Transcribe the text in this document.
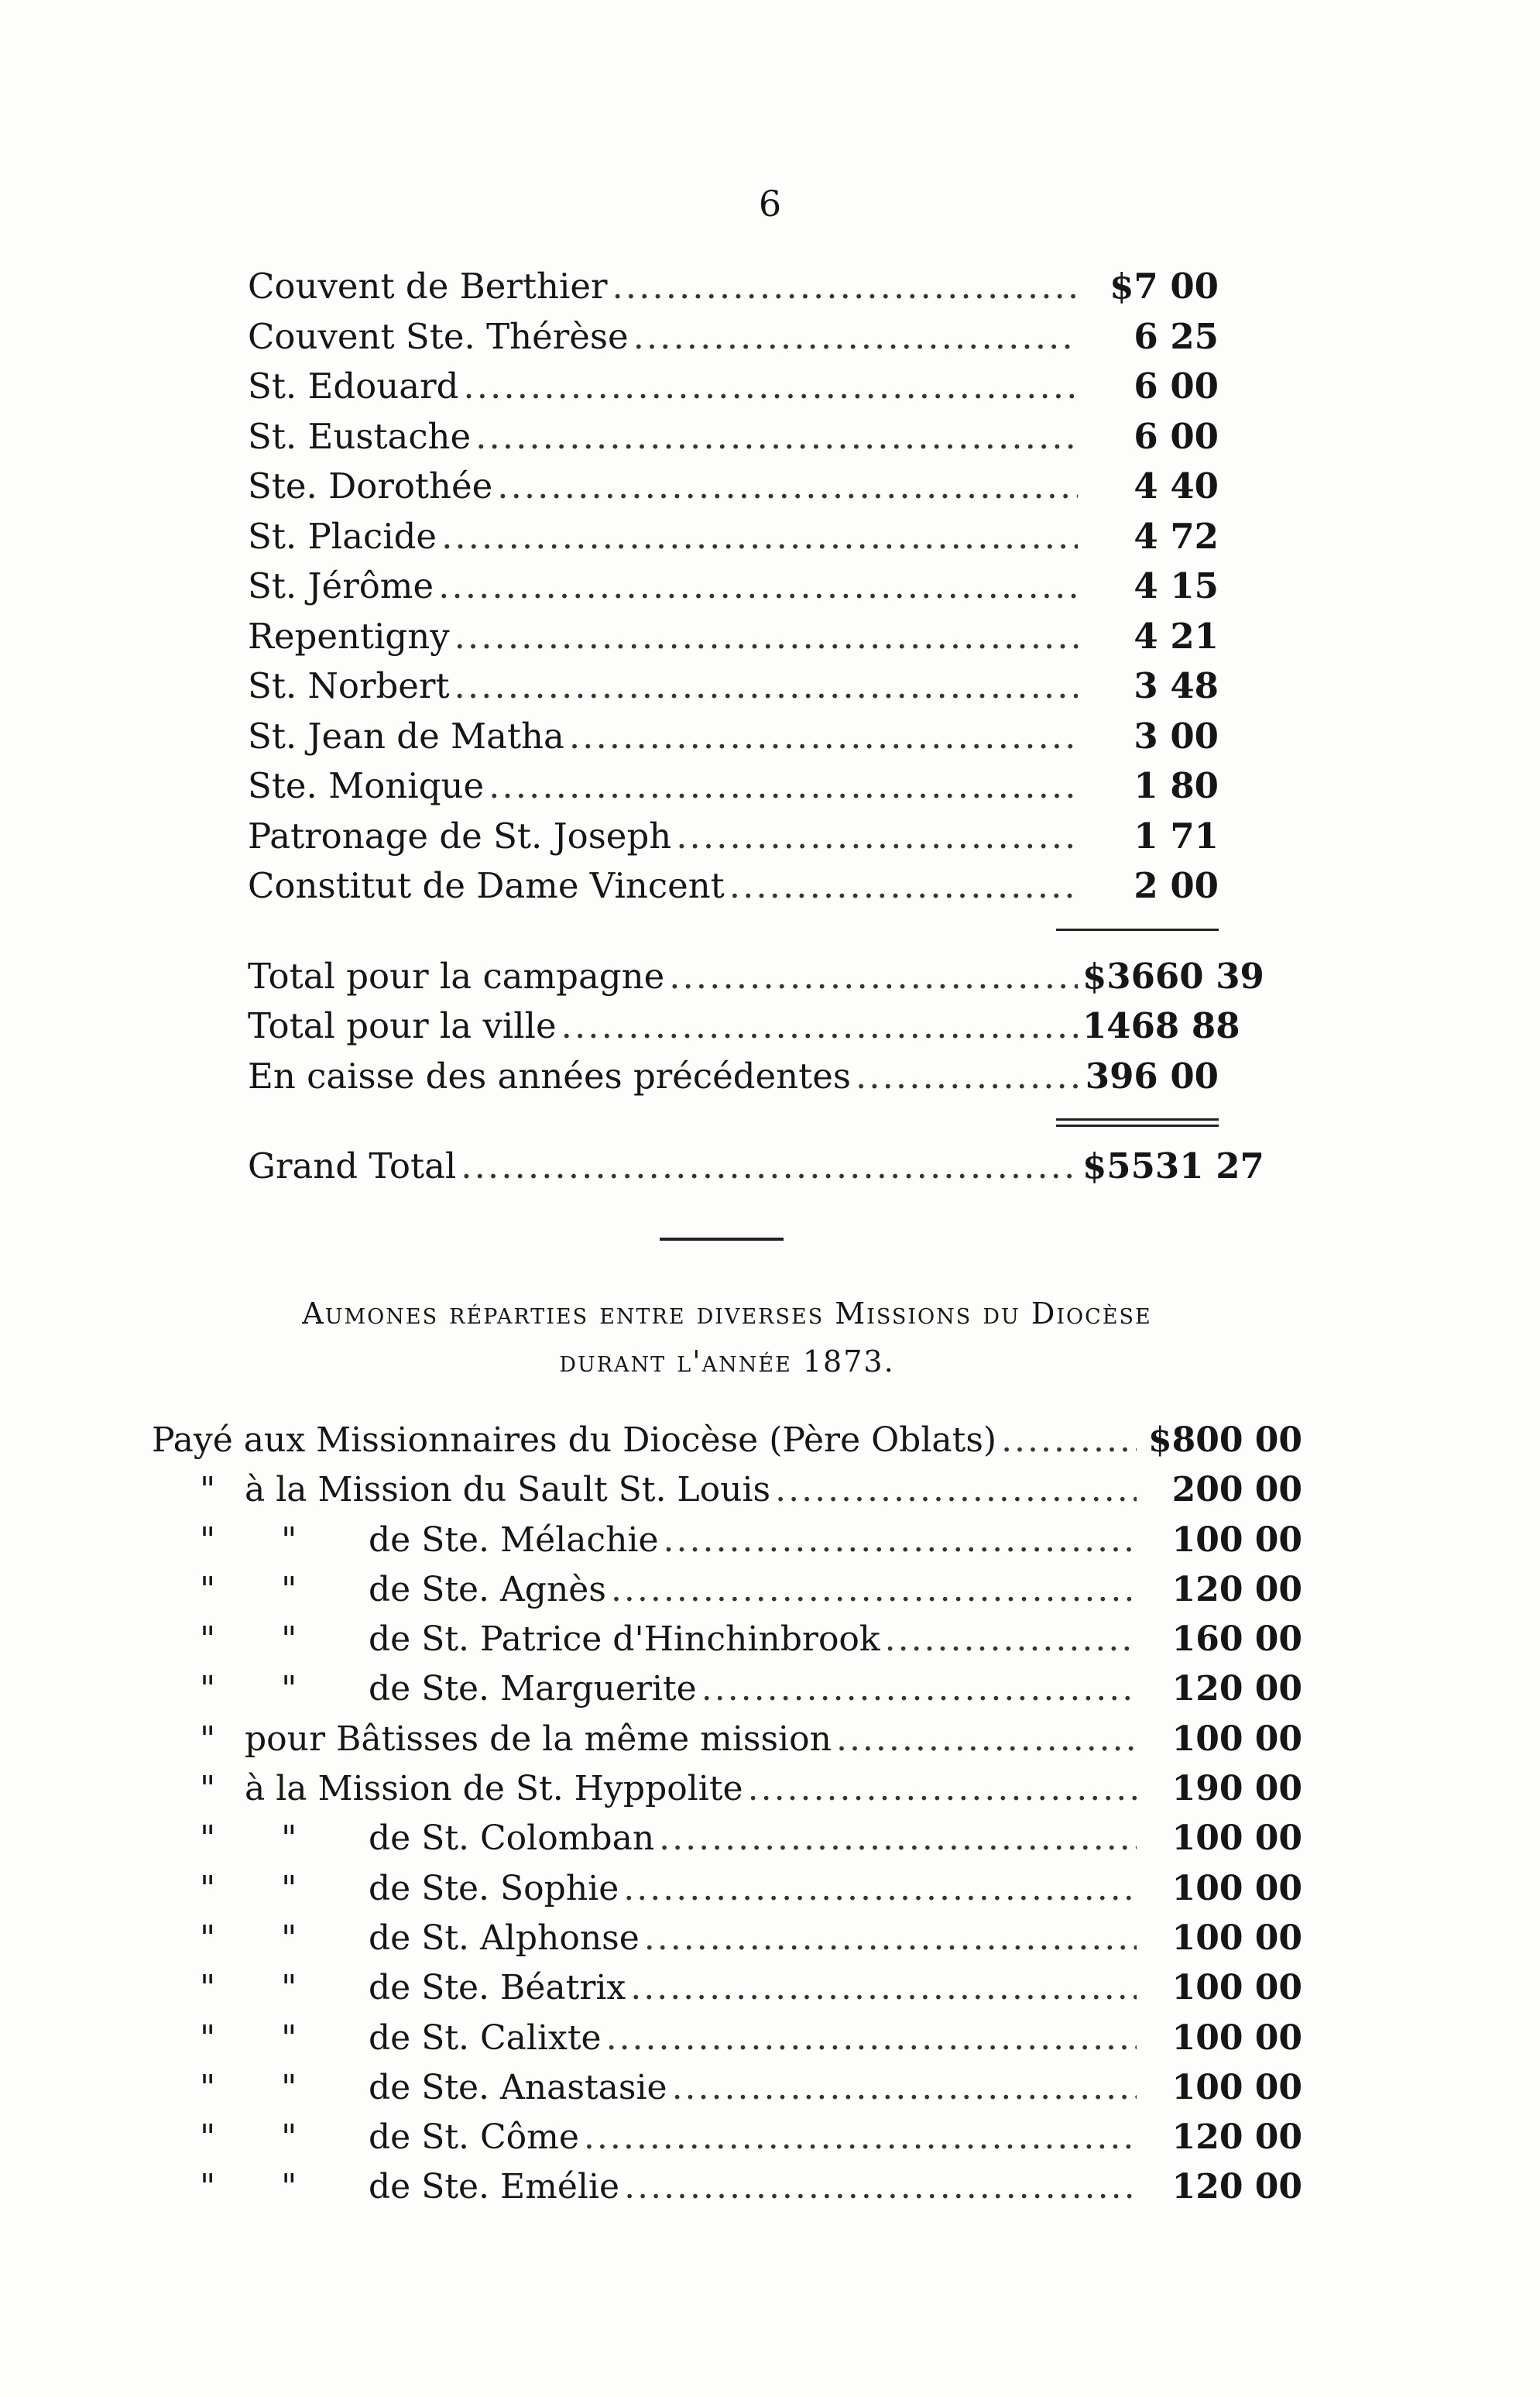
6
Couvent de Berthier .....	$7 00
Couvent Ste. Thérèse .....	6 25
St. Edouard .....	6 00
St. Eustache .....	6 00
Ste. Dorothée .....	4 40
St. Placide .....	4 72
St. Jérôme .....	4 15
Repentigny .....	4 21
St. Norbert .....	3 48
St. Jean de Matha .....	3 00
Ste. Monique .....	1 80
Patronage de St. Joseph .....	1 71
Constitut de Dame Vincent .....	2 00
Total pour la campagne .....	$3660 39
Total pour la ville .....	1468 88
En caisse des années précédentes .....	396 00
Grand Total .....	$5531 27
Aumones réparties entre diverses Missions du Diocèse
durant l'année 1873.
Payé aux Missionnaires du Diocèse (Père Oblats) .....	$800 00
" à la Mission du Sault St. Louis .....	200 00
" "	de Ste. Mélachie .....	100 00
" "	de Ste. Agnès .....	120 00
" "	de St. Patrice d'Hinchinbrook .....	160 00
" "	de Ste. Marguerite .....	120 00
" pour Bâtisses de la même mission .....	100 00
" à la Mission de St. Hyppolite .....	190 00
" "	de St. Colomban .....	100 00
" "	de Ste. Sophie .....	100 00
" "	de St. Alphonse .....	100 00
" "	de Ste. Béatrix .....	100 00
" "	de St. Calixte .....	100 00
" "	de Ste. Anastasie .....	100 00
" "	de St. Côme .....	120 00
" "	de Ste. Emélie .....	120 00
